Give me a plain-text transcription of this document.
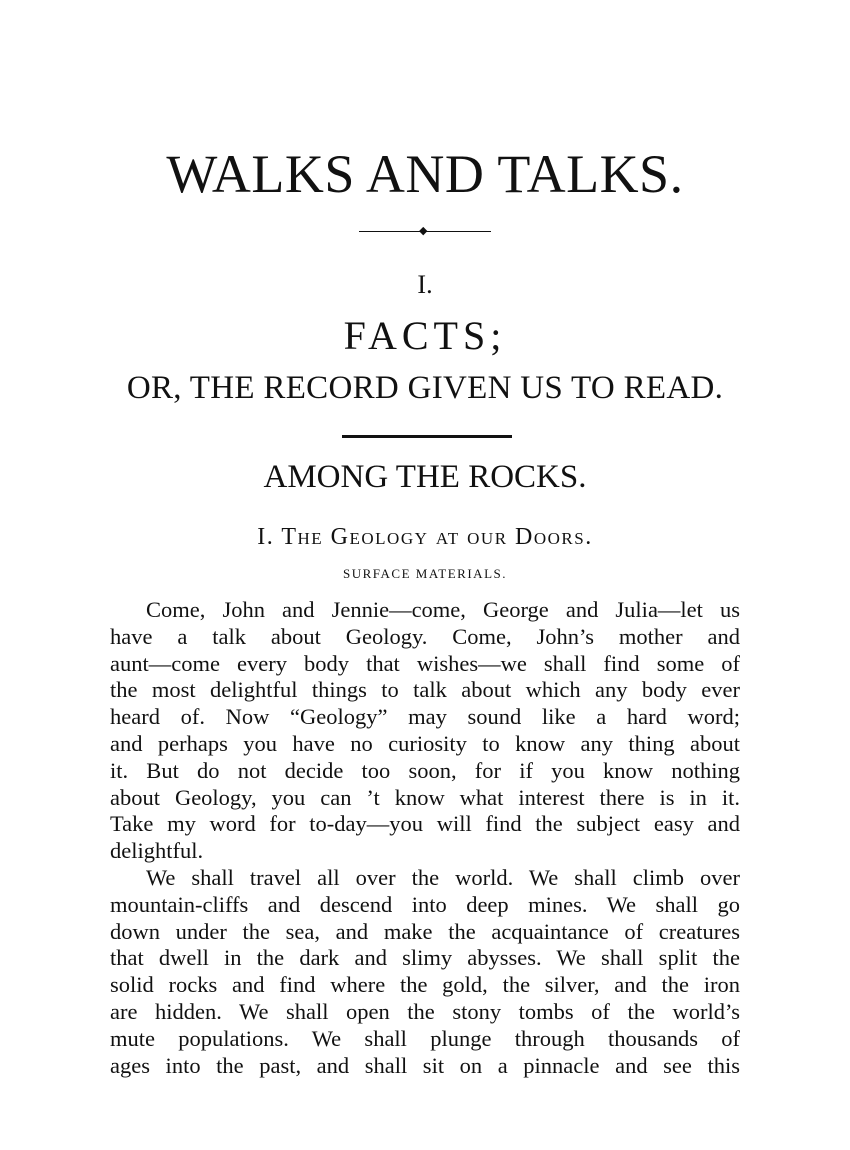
WALKS AND TALKS.
◆
I.
FACTS;
OR, THE RECORD GIVEN US TO READ.
AMONG THE ROCKS.
I. The Geology at our Doors.
SURFACE MATERIALS.
Come, John and Jennie—come, George and Julia—let us
have a talk about Geology. Come, John’s mother and
aunt—come every body that wishes—we shall find some of
the most delightful things to talk about which any body ever
heard of. Now “Geology” may sound like a hard word;
and perhaps you have no curiosity to know any thing about
it. But do not decide too soon, for if you know nothing
about Geology, you can ’t know what interest there is in it.
Take my word for to-day—you will find the subject easy and
delightful.
We shall travel all over the world. We shall climb over
mountain-cliffs and descend into deep mines. We shall go
down under the sea, and make the acquaintance of creatures
that dwell in the dark and slimy abysses. We shall split the
solid rocks and find where the gold, the silver, and the iron
are hidden. We shall open the stony tombs of the world’s
mute populations. We shall plunge through thousands of
ages into the past, and shall sit on a pinnacle and see this
